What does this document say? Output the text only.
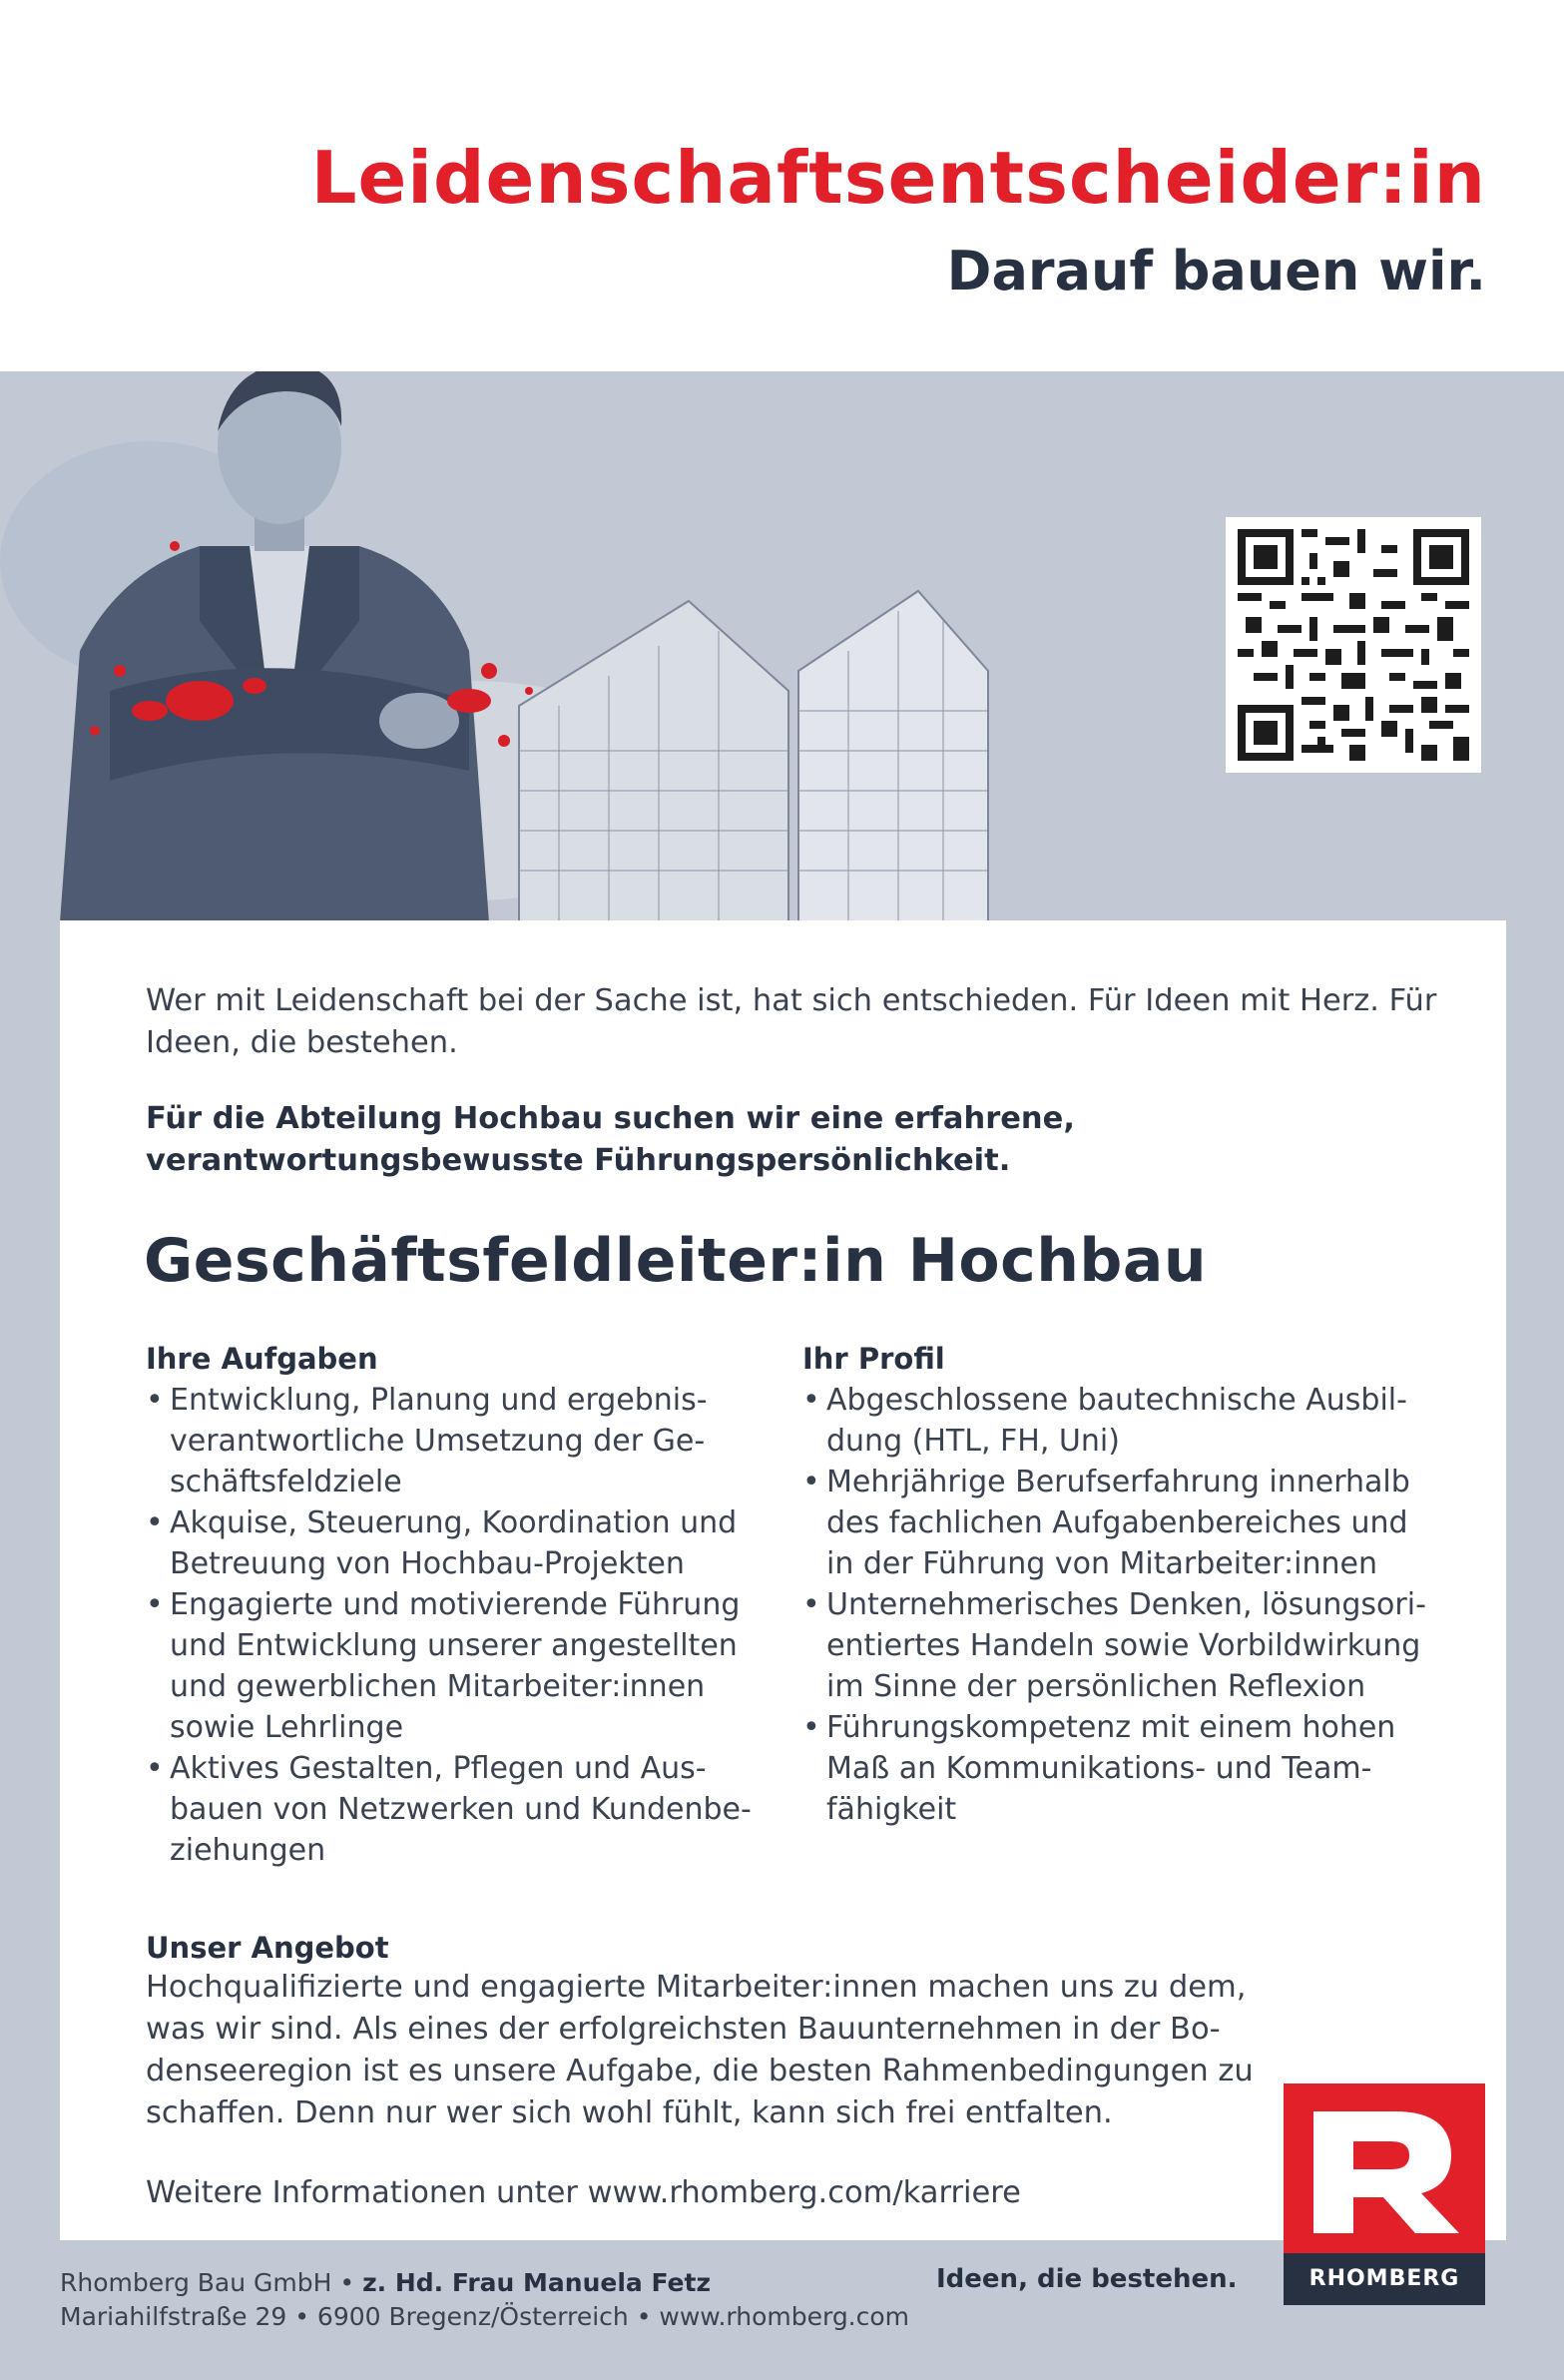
Leidenschaftsentscheider:in
Darauf bauen wir.

Wer mit Leidenschaft bei der Sache ist, hat sich entschieden. Für Ideen mit Herz. Für Ideen, die bestehen.

Für die Abteilung Hochbau suchen wir eine erfahrene, verantwortungsbewusste Führungspersönlichkeit.

Geschäftsfeldleiter:in Hochbau
Ihre Aufgaben
• Entwicklung, Planung und ergebnisverantwortliche Umsetzung der Geschäftsfeldziele
• Akquise, Steuerung, Koordination und Betreuung von Hochbau-Projekten
• Engagierte und motivierende Führung und Entwicklung unserer angestellten und gewerblichen Mitarbeiter:innen sowie Lehrlinge
• Aktives Gestalten, Pflegen und Ausbauen von Netzwerken und Kundenbeziehungen
Ihr Profil
• Abgeschlossene bautechnische Ausbildung (HTL, FH, Uni)
• Mehrjährige Berufserfahrung innerhalb des fachlichen Aufgabenbereiches und in der Führung von Mitarbeiter:innen
• Unternehmerisches Denken, lösungsorientiertes Handeln sowie Vorbildwirkung im Sinne der persönlichen Reflexion
• Führungskompetenz mit einem hohen Maß an Kommunikations- und Teamfähigkeit
Unser Angebot

Hochqualifizierte und engagierte Mitarbeiter:innen machen uns zu dem, was wir sind. Als eines der erfolgreichsten Bauunternehmen in der Bodenseeregion ist es unsere Aufgabe, die besten Rahmenbedingungen zu schaffen. Denn nur wer sich wohl fühlt, kann sich frei entfalten.

Weitere Informationen unter www.rhomberg.com/karriere

RHOMBERG

Rhomberg Bau GmbH • z. Hd. Frau Manuela Fetz

Mariahilfstraße 29 • 6900 Bregenz/Österreich • www.rhomberg.com

Ideen, die bestehen.
